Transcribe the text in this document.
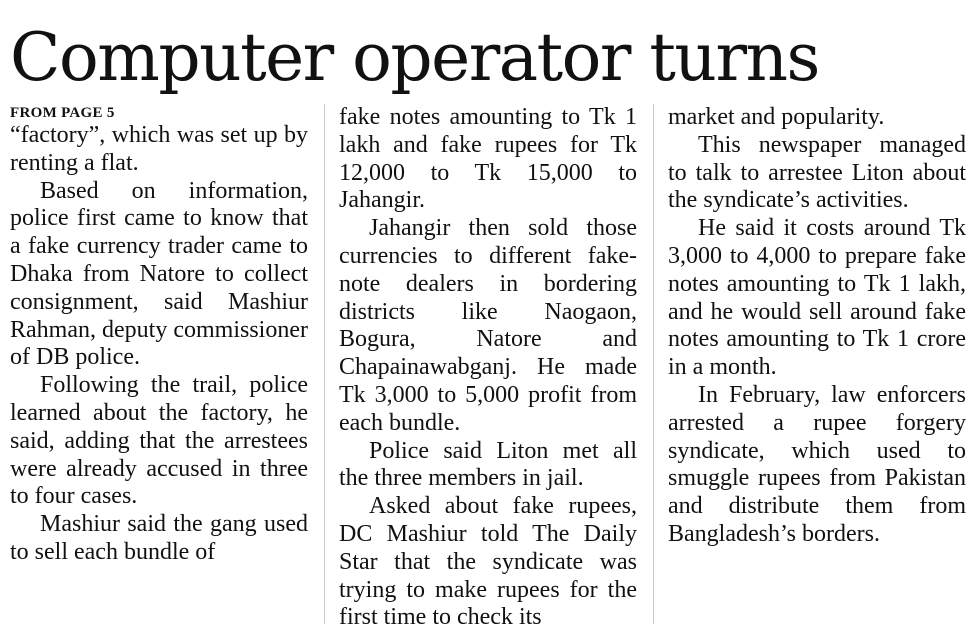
Computer operator turns
FROM PAGE 5

“factory”, which was set up by renting a flat.

Based on information, police first came to know that a fake currency trader came to Dhaka from Natore to collect consignment, said Mashiur Rahman, deputy commissioner of DB police.

Following the trail, police learned about the factory, he said, adding that the arrestees were already accused in three to four cases.

Mashiur said the gang used to sell each bundle of

fake notes amounting to Tk 1 lakh and fake rupees for Tk 12,000 to Tk 15,000 to Jahangir.

Jahangir then sold those currencies to different fake-note dealers in bordering districts like Naogaon, Bogura, Natore and Chapainawabganj. He made Tk 3,000 to 5,000 profit from each bundle.

Police said Liton met all the three members in jail.

Asked about fake rupees, DC Mashiur told The Daily Star that the syndicate was trying to make rupees for the first time to check its

market and popularity.

This newspaper managed to talk to arrestee Liton about the syndicate’s activities.

He said it costs around Tk 3,000 to 4,000 to prepare fake notes amounting to Tk 1 lakh, and he would sell around fake notes amounting to Tk 1 crore in a month.

In February, law enforcers arrested a rupee forgery syndicate, which used to smuggle rupees from Pakistan and distribute them from Bangladesh’s borders.
